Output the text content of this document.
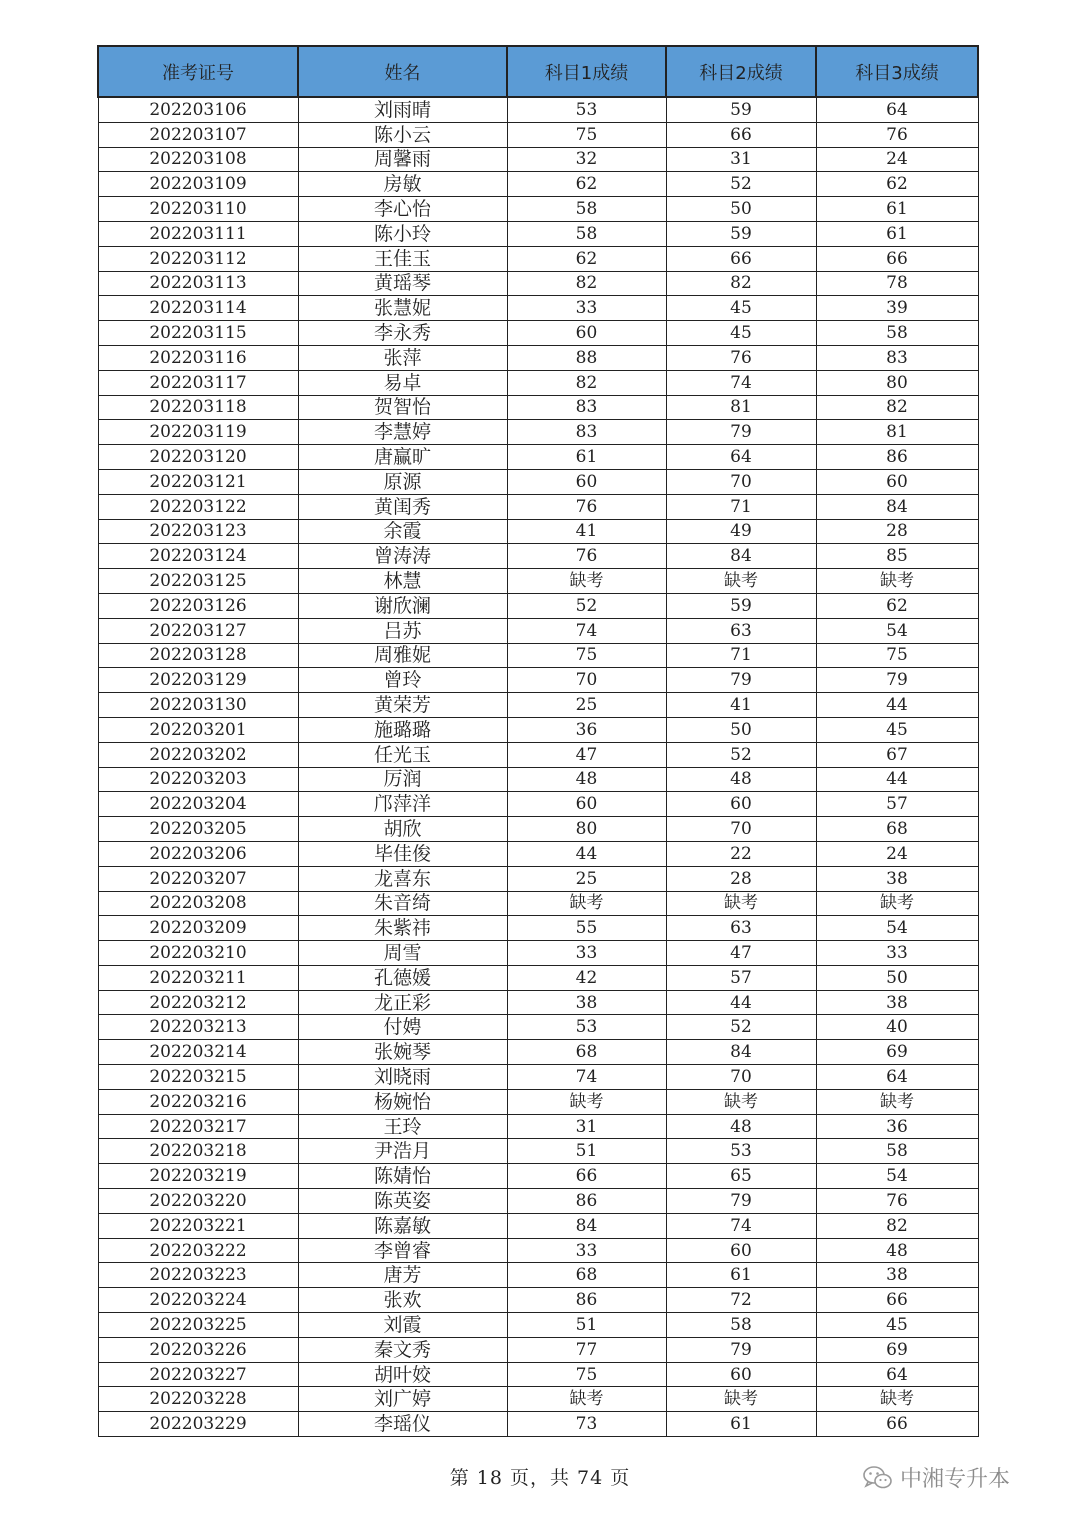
准考证号	姓名	科目1成绩	科目2成绩	科目3成绩
202203106	刘雨晴	53	59	64
202203107	陈小云	75	66	76
202203108	周馨雨	32	31	24
202203109	房敏	62	52	62
202203110	李心怡	58	50	61
202203111	陈小玲	58	59	61
202203112	王佳玉	62	66	66
202203113	黄瑶琴	82	82	78
202203114	张慧妮	33	45	39
202203115	李永秀	60	45	58
202203116	张萍	88	76	83
202203117	易卓	82	74	80
202203118	贺智怡	83	81	82
202203119	李慧婷	83	79	81
202203120	唐赢旷	61	64	86
202203121	原源	60	70	60
202203122	黄闺秀	76	71	84
202203123	余霞	41	49	28
202203124	曾涛涛	76	84	85
202203125	林慧	缺考	缺考	缺考
202203126	谢欣澜	52	59	62
202203127	吕苏	74	63	54
202203128	周雅妮	75	71	75
202203129	曾玲	70	79	79
202203130	黄荣芳	25	41	44
202203201	施璐璐	36	50	45
202203202	任光玉	47	52	67
202203203	厉润	48	48	44
202203204	邝萍洋	60	60	57
202203205	胡欣	80	70	68
202203206	毕佳俊	44	22	24
202203207	龙喜东	25	28	38
202203208	朱音绮	缺考	缺考	缺考
202203209	朱紫祎	55	63	54
202203210	周雪	33	47	33
202203211	孔德媛	42	57	50
202203212	龙正彩	38	44	38
202203213	付娉	53	52	40
202203214	张婉琴	68	84	69
202203215	刘晓雨	74	70	64
202203216	杨婉怡	缺考	缺考	缺考
202203217	王玲	31	48	36
202203218	尹浩月	51	53	58
202203219	陈婧怡	66	65	54
202203220	陈英姿	86	79	76
202203221	陈嘉敏	84	74	82
202203222	李曾睿	33	60	48
202203223	唐芳	68	61	38
202203224	张欢	86	72	66
202203225	刘霞	51	58	45
202203226	秦文秀	77	79	69
202203227	胡叶姣	75	60	64
202203228	刘广婷	缺考	缺考	缺考
202203229	李瑶仪	73	61	66
第 18 页，共 74 页	中湘专升本
